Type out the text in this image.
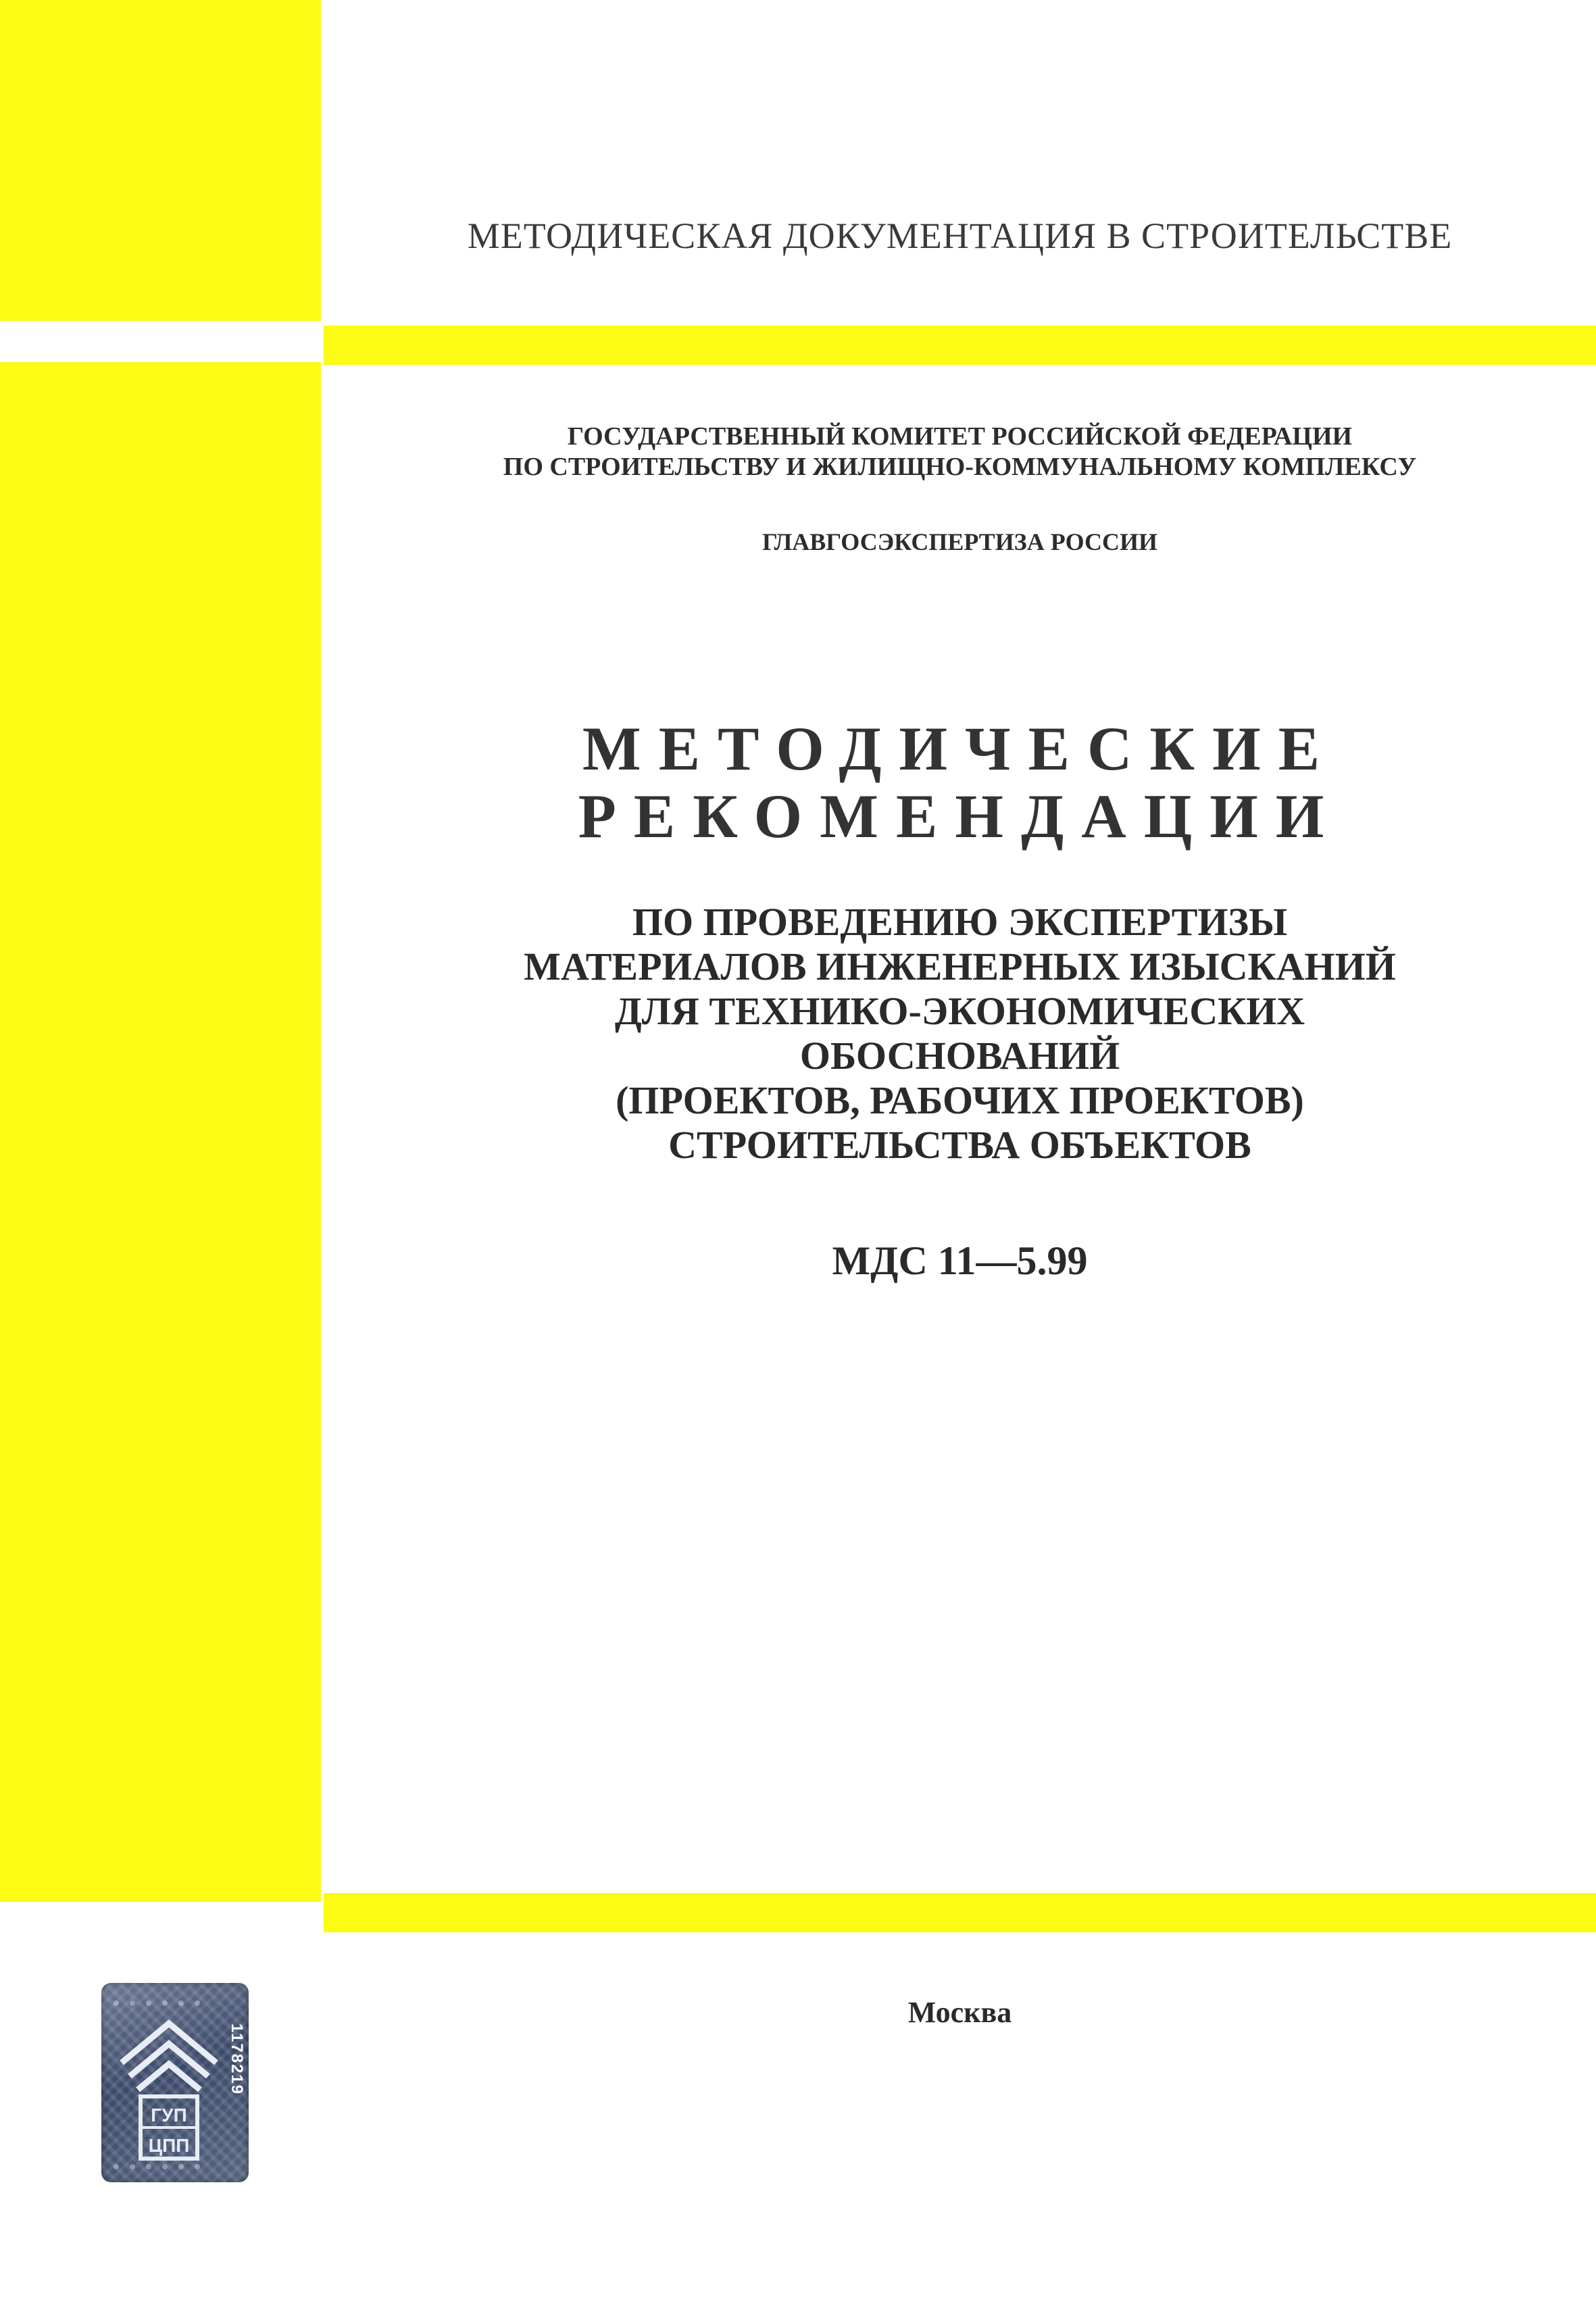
МЕТОДИЧЕСКАЯ ДОКУМЕНТАЦИЯ В СТРОИТЕЛЬСТВЕ

ГОСУДАРСТВЕННЫЙ КОМИТЕТ РОССИЙСКОЙ ФЕДЕРАЦИИ

ПО СТРОИТЕЛЬСТВУ И ЖИЛИЩНО-КОММУНАЛЬНОМУ КОМПЛЕКСУ

ГЛАВГОСЭКСПЕРТИЗА РОССИИ

МЕТОДИЧЕСКИЕ

РЕКОМЕНДАЦИИ

ПО ПРОВЕДЕНИЮ ЭКСПЕРТИЗЫ

МАТЕРИАЛОВ ИНЖЕНЕРНЫХ ИЗЫСКАНИЙ

ДЛЯ ТЕХНИКО-ЭКОНОМИЧЕСКИХ

ОБОСНОВАНИЙ

(ПРОЕКТОВ, РАБОЧИХ ПРОЕКТОВ)

СТРОИТЕЛЬСТВА ОБЪЕКТОВ

МДС 11—5.99

Москва

ГУП
ЦПП
1178219
